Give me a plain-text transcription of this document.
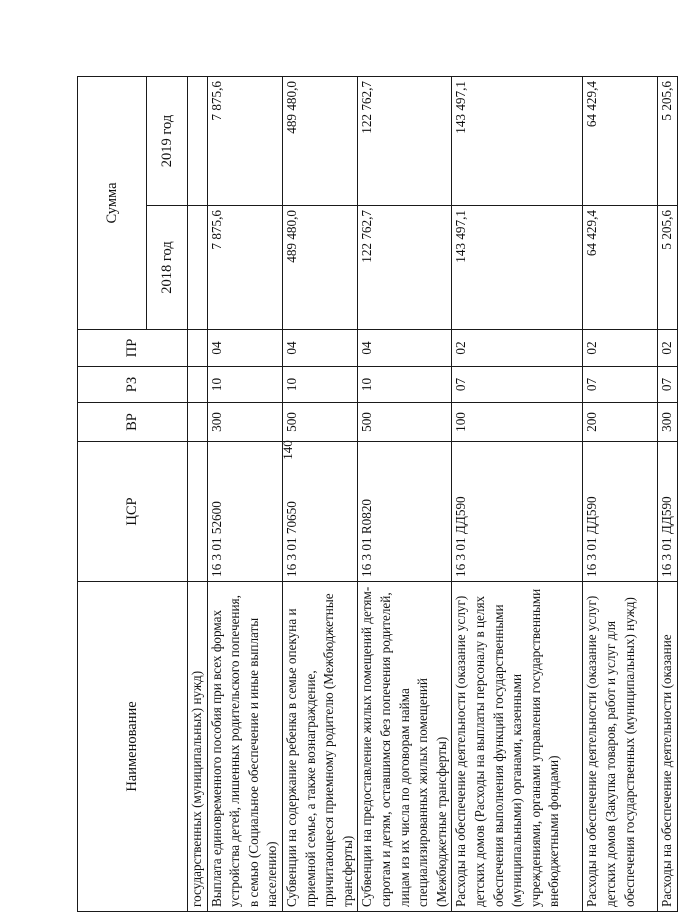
140
Наименование	ЦСР	ВР	РЗ	ПР	Сумма	
					2018 год	2019 год
государственных (муниципальных) нужд)						
Выплата единовременного пособия при всех формах устройства детей, лишенных родительского попечения, в семью (Социальное обеспечение и иные выплаты населению)	16 3 01 52600	300	10	04	7 875,6	7 875,6
Субвенции на содержание ребенка в семье опекуна и приемной семье, а также вознаграждение, причитающееся приемному родителю (Межбюджетные трансферты)	16 3 01 70650	500	10	04	489 480,0	489 480,0
Субвенции на предоставление жилых помещений детям-сиротам и детям, оставшимся без попечения родителей, лицам из их числа по договорам найма специализированных жилых помещений (Межбюджетные трансферты)	16 3 01 R0820	500	10	04	122 762,7	122 762,7
Расходы на обеспечение деятельности (оказание услуг) детских домов (Расходы на выплаты персоналу в целях обеспечения выполнения функций государственными (муниципальными) органами, казенными учреждениями, органами управления государственными внебюджетными фондами)	16 3 01 ДД590	100	07	02	143 497,1	143 497,1
Расходы на обеспечение деятельности (оказание услуг) детских домов (Закупка товаров, работ и услуг для обеспечения государственных (муниципальных) нужд)	16 3 01 ДД590	200	07	02	64 429,4	64 429,4
Расходы на обеспечение деятельности (оказание	16 3 01 ДД590	300	07	02	5 205,6	5 205,6
